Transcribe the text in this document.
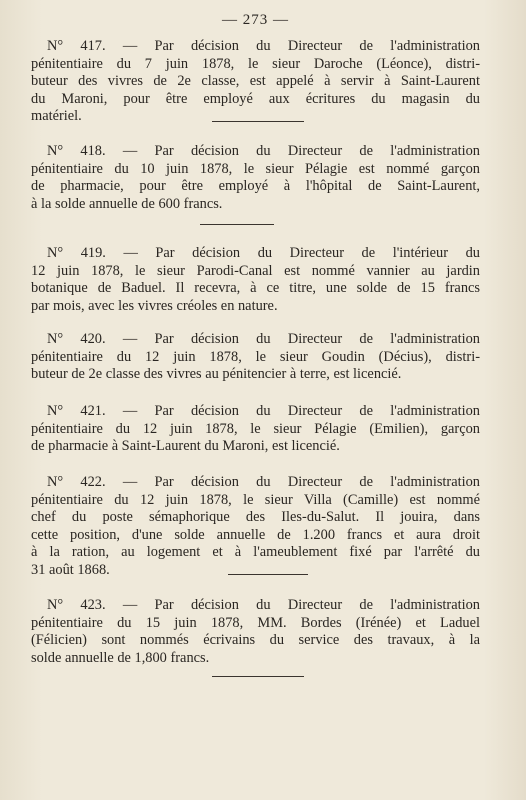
— 273 —
N° 417. — Par décision du Directeur de l'administration
pénitentiaire du 7 juin 1878, le sieur Daroche (Léonce), distri-
buteur des vivres de 2e classe, est appelé à servir à Saint-Laurent
du Maroni, pour être employé aux écritures du magasin du
matériel.
N° 418. — Par décision du Directeur de l'administration
pénitentiaire du 10 juin 1878, le sieur Pélagie est nommé garçon
de pharmacie, pour être employé à l'hôpital de Saint-Laurent,
à la solde annuelle de 600 francs.
N° 419. — Par décision du Directeur de l'intérieur du
12 juin 1878, le sieur Parodi-Canal est nommé vannier au jardin
botanique de Baduel. Il recevra, à ce titre, une solde de 15 francs
par mois, avec les vivres créoles en nature.
N° 420. — Par décision du Directeur de l'administration
pénitentiaire du 12 juin 1878, le sieur Goudin (Décius), distri-
buteur de 2e classe des vivres au pénitencier à terre, est licencié.
N° 421. — Par décision du Directeur de l'administration
pénitentiaire du 12 juin 1878, le sieur Pélagie (Emilien), garçon
de pharmacie à Saint-Laurent du Maroni, est licencié.
N° 422. — Par décision du Directeur de l'administration
pénitentiaire du 12 juin 1878, le sieur Villa (Camille) est nommé
chef du poste sémaphorique des Iles-du-Salut. Il jouira, dans
cette position, d'une solde annuelle de 1.200 francs et aura droit
à la ration, au logement et à l'ameublement fixé par l'arrêté du
31 août 1868.
N° 423. — Par décision du Directeur de l'administration
pénitentiaire du 15 juin 1878, MM. Bordes (Irénée) et Laduel
(Félicien) sont nommés écrivains du service des travaux, à la
solde annuelle de 1,800 francs.
